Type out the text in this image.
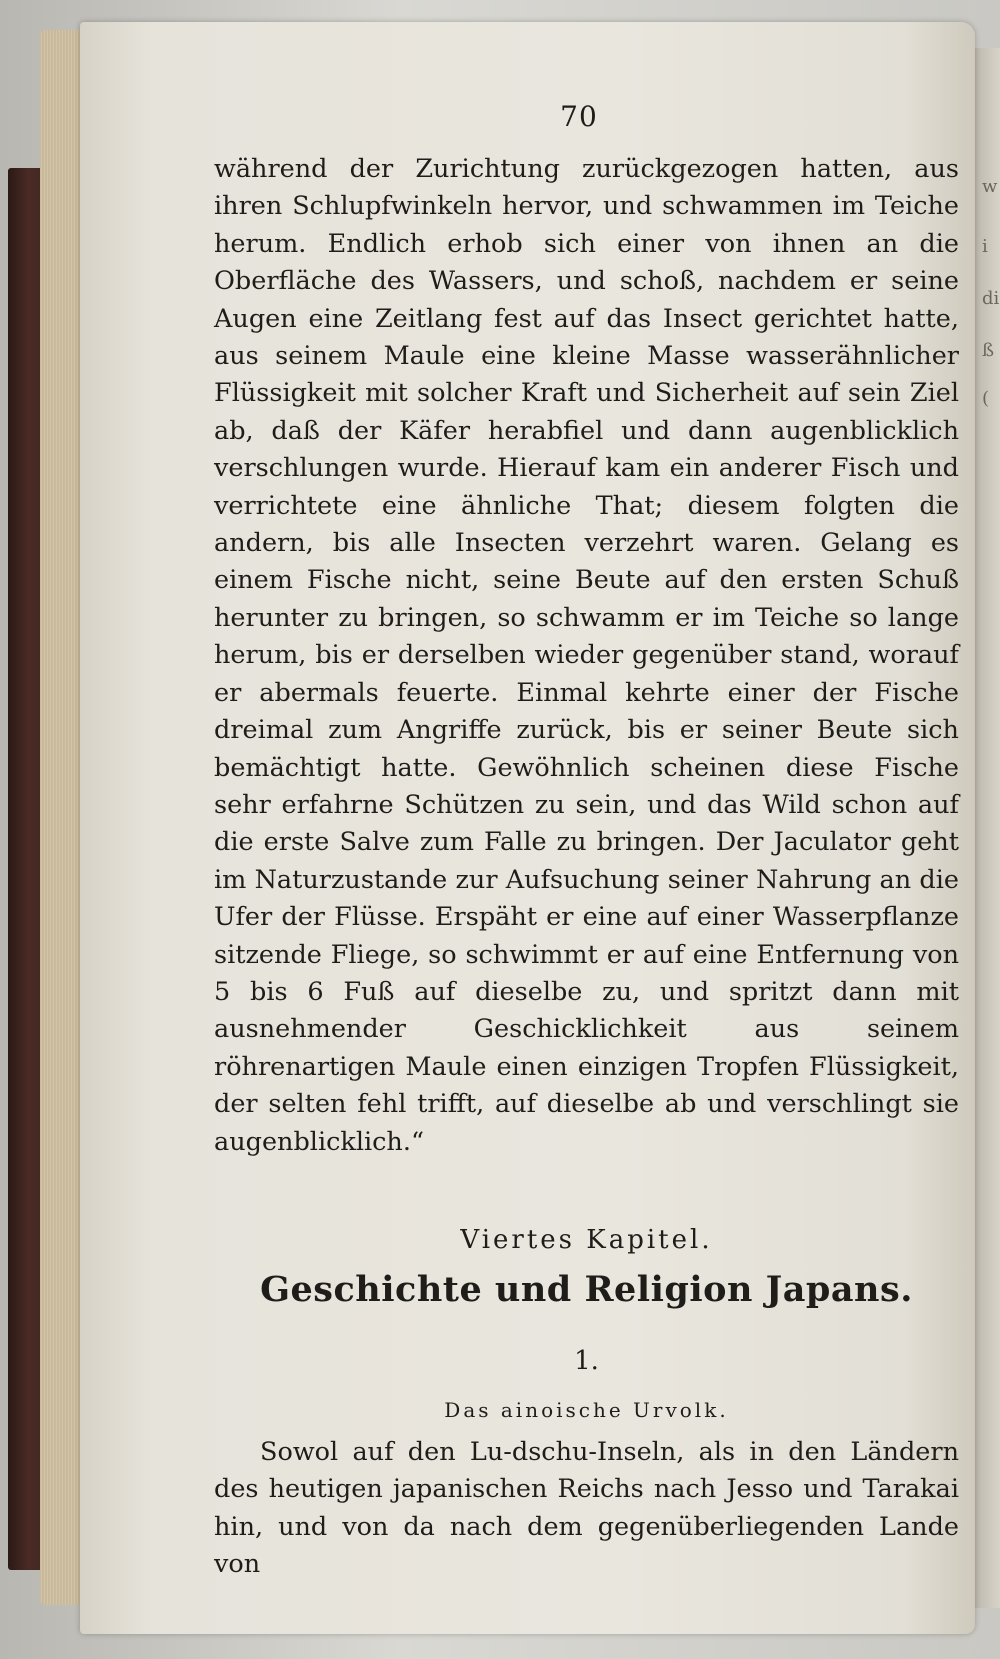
w
i
di
ß
(
70

während der Zurichtung zurückgezogen hatten, aus ihren Schlupfwinkeln hervor, und schwammen im Teiche herum. Endlich erhob sich einer von ihnen an die Oberfläche des Wassers, und schoß, nachdem er seine Augen eine Zeitlang fest auf das Insect gerichtet hatte, aus seinem Maule eine kleine Masse wasserähnlicher Flüssigkeit mit solcher Kraft und Sicherheit auf sein Ziel ab, daß der Käfer herabfiel und dann augenblicklich verschlungen wurde. Hierauf kam ein anderer Fisch und verrichtete eine ähnliche That; diesem folgten die andern, bis alle Insecten verzehrt waren. Gelang es einem Fische nicht, seine Beute auf den ersten Schuß herunter zu bringen, so schwamm er im Teiche so lange herum, bis er derselben wieder gegenüber stand, worauf er abermals feuerte. Einmal kehrte einer der Fische dreimal zum Angriffe zurück, bis er seiner Beute sich bemächtigt hatte. Gewöhnlich scheinen diese Fische sehr erfahrne Schützen zu sein, und das Wild schon auf die erste Salve zum Falle zu bringen. Der Jaculator geht im Naturzustande zur Aufsuchung seiner Nahrung an die Ufer der Flüsse. Erspäht er eine auf einer Wasserpflanze sitzende Fliege, so schwimmt er auf eine Entfernung von 5 bis 6 Fuß auf dieselbe zu, und spritzt dann mit ausnehmender Geschicklichkeit aus seinem röhrenartigen Maule einen einzigen Tropfen Flüssigkeit, der selten fehl trifft, auf dieselbe ab und verschlingt sie augenblicklich.“

Viertes Kapitel.
Geschichte und Religion Japans.
1.
Das ainoische Urvolk.

Sowol auf den Lu-dschu-Inseln, als in den Ländern des heutigen japanischen Reichs nach Jesso und Tarakai hin, und von da nach dem gegenüberliegenden Lande von
